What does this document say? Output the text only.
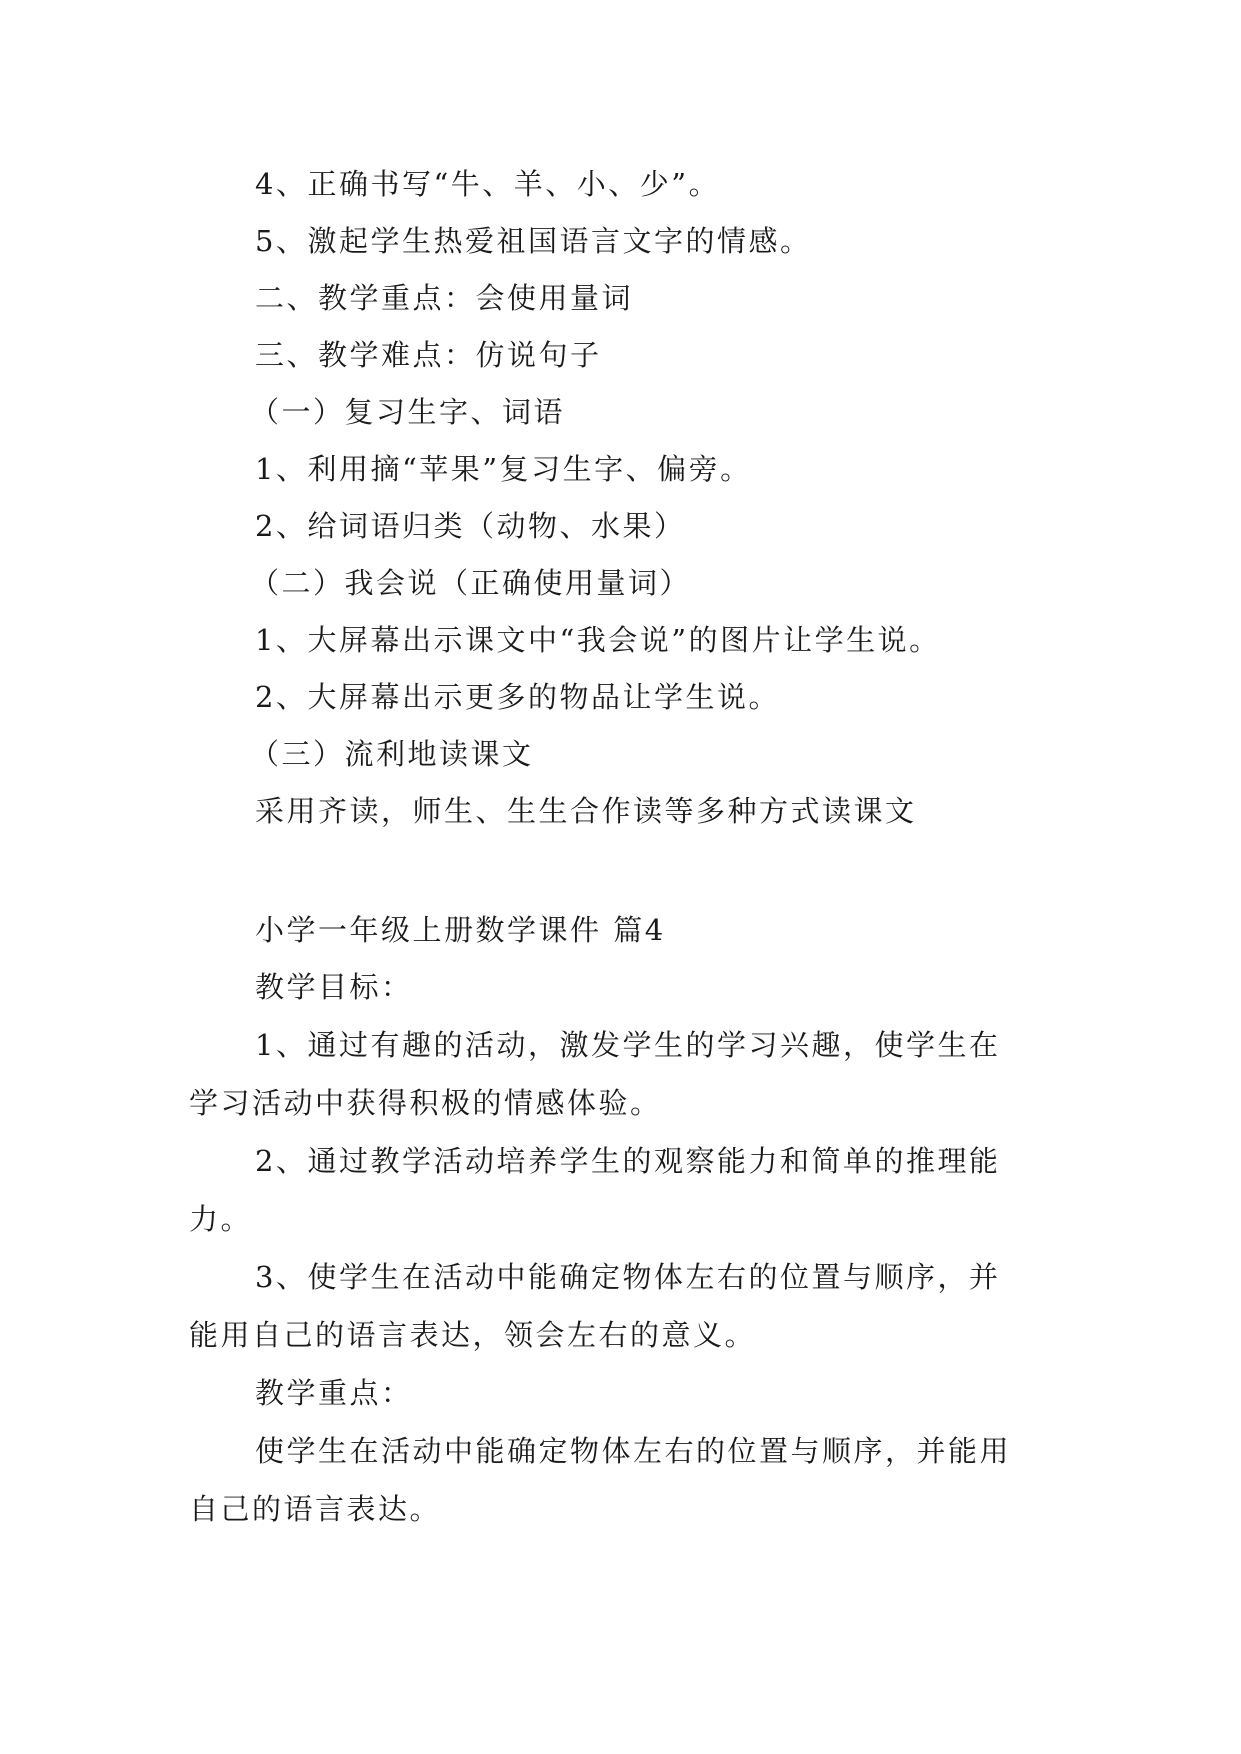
4、正确书写“牛、羊、小、少”。
5、激起学生热爱祖国语言文字的情感。
二、教学重点：会使用量词
三、教学难点：仿说句子
（一）复习生字、词语
1、利用摘“苹果”复习生字、偏旁。
2、给词语归类（动物、水果）
（二）我会说（正确使用量词）
1、大屏幕出示课文中“我会说”的图片让学生说。
2、大屏幕出示更多的物品让学生说。
（三）流利地读课文
采用齐读，师生、生生合作读等多种方式读课文
小学一年级上册数学课件 篇4
教学目标：
1、通过有趣的活动，激发学生的学习兴趣，使学生在
学习活动中获得积极的情感体验。
2、通过教学活动培养学生的观察能力和简单的推理能
力。
3、使学生在活动中能确定物体左右的位置与顺序，并
能用自己的语言表达，领会左右的意义。
教学重点：
使学生在活动中能确定物体左右的位置与顺序，并能用
自己的语言表达。
